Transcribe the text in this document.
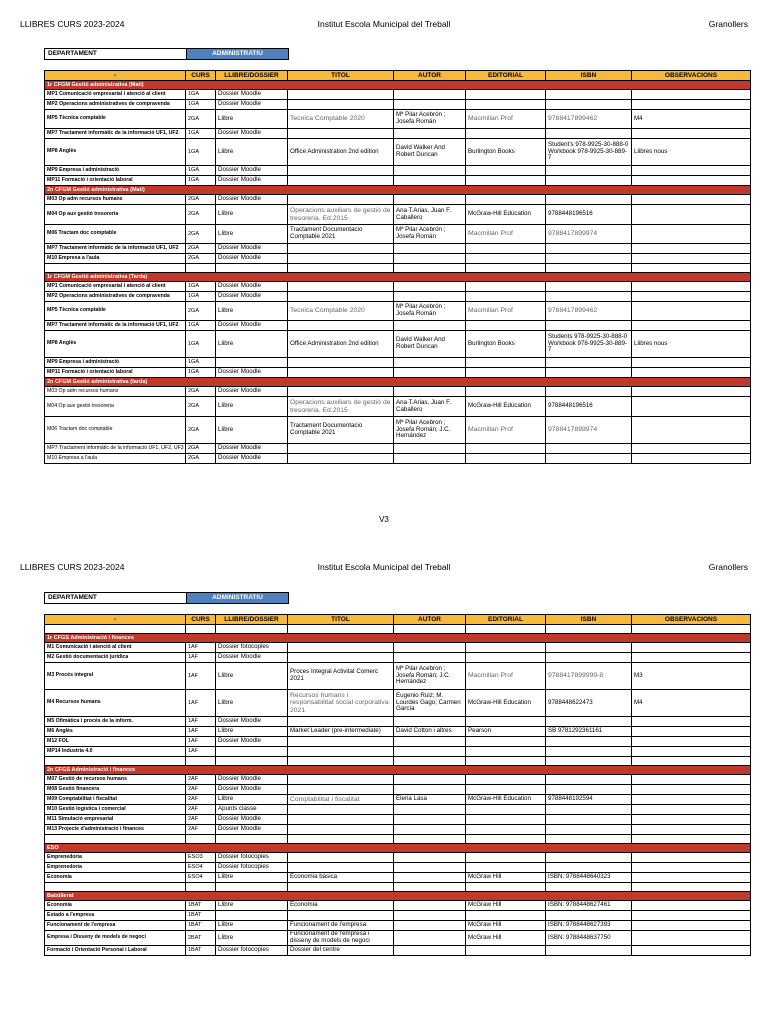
LLIBRES CURS 2023-2024	Institut Escola Municipal del Treball	Granollers
DEPARTAMENT	ADMINISTRATIU
-	CURS	LLIBRE/DOSSIER	TITOL	AUTOR	EDITORIAL	ISBN	OBSERVACIONS
1r CFGM Gestió administrativa (Matí)							
MP1 Comunicació empresarial i atenció al client	1GA	Dossier Moodle					
MP2 Operacions administratives de compravenda	1GA	Dossier Moodle					
MP5 Tècnica comptable	2GA	Llibre	Tecnica Comptable 2020	Mª Pilar Acebrón ; Josefa Román	Macmillan Prof	9788417899462	M4
MP7 Tractament informàtic de la informació UF1, UF2	1GA	Dossier Moodle					
MP8 Anglès	1GA	Llibre	Office Administration 2nd edition	David Walker And Robert Duncan	Burlington Books	Student's 978-9925-30-888-0 Workbook 978-9925-30-889-7	Llibres nous
MP9 Empresa i administració	1GA	Dossier Moodle					
MP11 Formació i orientació laboral	1GA	Dossier Moodle					
2n CFGM Gestió administrativa (Matí)							
M03 Op adm recursos humans	2GA	Dossier Moodle					
M04 Op aux gestió tresoreria	2GA	Llibre	Operacions auxiliars de gestió de tresoreria. Ed.2015	Ana T.Arias, Juan F. Caballero	McGraw-Hill Education	9788448196516	
M06 Tractam doc comptable	2GA	Llibre	Tractament Documentacio Comptable 2021	Mª Pilar Acebrón ; Josefa Román	Macmillan Prof	9788417899974	
MP7 Tractament informàtic de la informació UF1, UF2	2GA	Dossier Moodle					
M10 Empresa a l'aula	2GA	Dossier Moodle					

1r CFGM Gestió administrativa (Tarda)							
MP1 Comunicació empresarial i atenció al client	1GA	Dossier Moodle					
MP2 Operacions administratives de compravenda	1GA	Dossier Moodle					
MP5 Tècnica comptable	2GA	Llibre	Tecnica Comptable 2020	Mª Pilar Acebrón ; Josefa Román	Macmillan Prof	9788417899462	
MP7 Tractament informàtic de la informació UF1, UF2	1GA	Dossier Moodle					
MP8 Anglès	1GA	Llibre	Office Administration 2nd edition	David Walker And Robert Duncan	Burlington Books	Students 978-9925-30-888-0 Workbook 978-9925-30-889-7	Llibres nous
MP9 Empresa i administració	1GA						
MP11 Formació i orientació laboral	1GA	Dossier Moodle					
2n CFGM Gestió administrativa (tarda)							
M03 Op adm recursos humans	2GA	Dossier Moodle					
M04 Op aux gestió tresoreria	2GA	Llibre	Operacions auxiliars de gestió de tresoreria. Ed.2015	Ana T.Arias, Juan F. Caballero	McGraw-Hill Education	9788448196516	
M06 Tractam doc comptable	2GA	Llibre	Tractament Documentacio Comptable 2021	Mª Pilar Acebron ; Josefa Román; J.C. Hernández	Macmillan Prof	9788417899974	
MP7 Tractament informàtic de la informació UF1, UF2, UF3	2GA	Dossier Moodle					
M10 Empresa a l'aula	2GA	Dossier Moodle					
V3
LLIBRES CURS 2023-2024	Institut Escola Municipal del Treball	Granollers
DEPARTAMENT	ADMINISTRATIU
-	CURS	LLIBRE/DOSSIER	TITOL	AUTOR	EDITORIAL	ISBN	OBSERVACIONS

1r CFGS Administració i finances							
M1 Comunicació i atenció al client	1AF	Dossier fotocopies					
M2 Gestió documentació jurídica	1AF	Dossier Moodle					
M3 Procés integral	1AF	Llibre	Proces Integral Activitat Comerc 2021	Mª Pilar Acebron ; Josefa Román; J.C. Hernández	Macmillan Prof	9788417899999-8	M3
M4 Recursos humans	1AF	Llibre	Recursos humans i responsabilitat social corporativa 2021	Eugenio Ruiz; M. Lourdes Gago; Carmen García	McGraw-Hill Education	9788448622473	M4
M5 Ofimàtica i procés de la inform.	1AF	Dossier Moodle					
M6 Anglès	1AF	Llibre	Market Leader (pre-intermediate)	David Cotton i altres	Pearson	SB 9781292361161	
M12 FOL	1AF	Dossier Moodle					
MP14 Industria 4.0	1AF						

2n CFGS Administració i finances							
M07 Gestió de recursos humans	2AF	Dossier Moodle					
M08 Gestió financera	2AF	Dossier Moodle					
M09 Comptabilitat i fiscalitat	2AF	Llibre	Comptabilitat i fiscalitat	Elena Lasa	McGraw-Hill Education	9788448192594	
M10 Gestió logística i comercial	2AF	Apunts classe					
M11 Simulació empresarial	2AF	Dossier Moodle					
M13 Projecte d'administració i finances	2AF	Dossier Moodle					

ESO							
Emprenedoria	ESO3	Dossier fotocopies					
Emprenedoria	ESO4	Dossier fotocopies					
Economia	ESO4	Llibre	Economia bàsica		McGraw Hill	ISBN: 9788448640323	

Batxillerat							
Economia	1BAT	Llibre	Economia		McGraw Hill	ISBN: 9788448627461	
Estado a l'empresa	1BAT						
Funcionament de l'empresa	1BAT	Llibre	Funcionament de l'empresa		McGraw Hill	ISBN: 9788448627393	
Empresa i Disseny de models de negoci	2BAT	Llibre	Funcionament de l'empresa i disseny de models de negoci		McGraw Hill	ISBN: 9788448637750	
Formació i Orientació Personal i Laboral	1BAT	Dossier fotocopies	Dossier del centre				
